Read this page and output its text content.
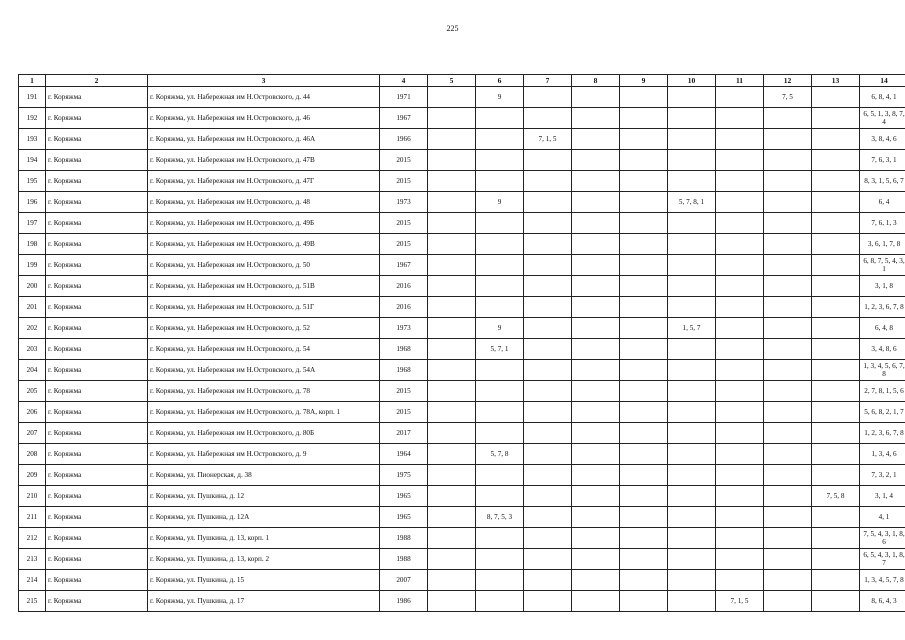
225
1	2	3	4	5	6	7	8	9	10	11	12	13	14
191	г. Коряжма	г. Коряжма, ул. Набережная им Н.Островского, д. 44	1971		9						7, 5		6, 8, 4, 1
192	г. Коряжма	г. Коряжма, ул. Набережная им Н.Островского, д. 46	1967										6, 5, 1, 3, 8, 7, 4
193	г. Коряжма	г. Коряжма, ул. Набережная им Н.Островского, д. 46А	1966			7, 1, 5							3, 8, 4, 6
194	г. Коряжма	г. Коряжма, ул. Набережная им Н.Островского, д. 47В	2015										7, 6, 3, 1
195	г. Коряжма	г. Коряжма, ул. Набережная им Н.Островского, д. 47Г	2015										8, 3, 1, 5, 6, 7
196	г. Коряжма	г. Коряжма, ул. Набережная им Н.Островского, д. 48	1973		9				5, 7, 8, 1				6, 4
197	г. Коряжма	г. Коряжма, ул. Набережная им Н.Островского, д. 49Б	2015										7, 6, 1, 3
198	г. Коряжма	г. Коряжма, ул. Набережная им Н.Островского, д. 49В	2015										3, 6, 1, 7, 8
199	г. Коряжма	г. Коряжма, ул. Набережная им Н.Островского, д. 50	1967										6, 8, 7, 5, 4, 3, 1
200	г. Коряжма	г. Коряжма, ул. Набережная им Н.Островского, д. 51В	2016										3, 1, 8
201	г. Коряжма	г. Коряжма, ул. Набережная им Н.Островского, д. 51Г	2016										1, 2, 3, 6, 7, 8
202	г. Коряжма	г. Коряжма, ул. Набережная им Н.Островского, д. 52	1973		9				1, 5, 7				6, 4, 8
203	г. Коряжма	г. Коряжма, ул. Набережная им Н.Островского, д. 54	1968		5, 7, 1								3, 4, 8, 6
204	г. Коряжма	г. Коряжма, ул. Набережная им Н.Островского, д. 54А	1968										1, 3, 4, 5, 6, 7, 8
205	г. Коряжма	г. Коряжма, ул. Набережная им Н.Островского, д. 78	2015										2, 7, 8, 1, 5, 6
206	г. Коряжма	г. Коряжма, ул. Набережная им Н.Островского, д. 78А, корп. 1	2015										5, 6, 8, 2, 1, 7
207	г. Коряжма	г. Коряжма, ул. Набережная им Н.Островского, д. 80Б	2017										1, 2, 3, 6, 7, 8
208	г. Коряжма	г. Коряжма, ул. Набережная им Н.Островского, д. 9	1964		5, 7, 8								1, 3, 4, 6
209	г. Коряжма	г. Коряжма, ул. Пионерская, д. 38	1975										7, 3, 2, 1
210	г. Коряжма	г. Коряжма, ул. Пушкина, д. 12	1965									7, 5, 8	3, 1, 4
211	г. Коряжма	г. Коряжма, ул. Пушкина, д. 12А	1965		8, 7, 5, 3								4, 1
212	г. Коряжма	г. Коряжма, ул. Пушкина, д. 13, корп. 1	1988										7, 5, 4, 3, 1, 8, 6
213	г. Коряжма	г. Коряжма, ул. Пушкина, д. 13, корп. 2	1988										6, 5, 4, 3, 1, 8, 7
214	г. Коряжма	г. Коряжма, ул. Пушкина, д. 15	2007										1, 3, 4, 5, 7, 8
215	г. Коряжма	г. Коряжма, ул. Пушкина, д. 17	1986							7, 1, 5			8, 6, 4, 3
